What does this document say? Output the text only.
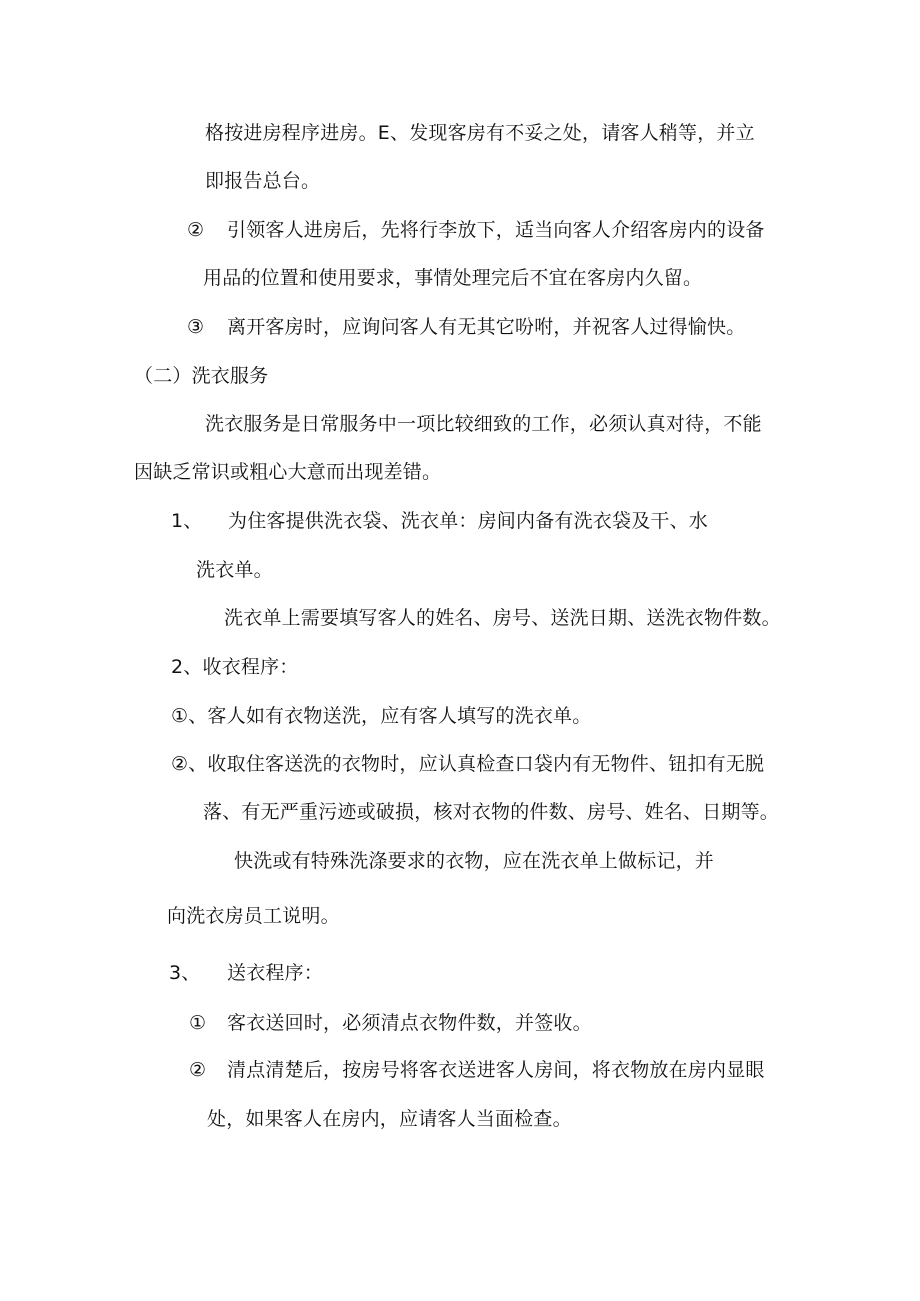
格按进房程序进房。E、发现客房有不妥之处，请客人稍等，并立
即报告总台。
② 引领客人进房后，先将行李放下，适当向客人介绍客房内的设备
用品的位置和使用要求，事情处理完后不宜在客房内久留。
③ 离开客房时，应询问客人有无其它吩咐，并祝客人过得愉快。
（二）洗衣服务
洗衣服务是日常服务中一项比较细致的工作，必须认真对待，不能
因缺乏常识或粗心大意而出现差错。
1、 为住客提供洗衣袋、洗衣单：房间内备有洗衣袋及干、水
洗衣单。
洗衣单上需要填写客人的姓名、房号、送洗日期、送洗衣物件数。
2、收衣程序：
①、客人如有衣物送洗，应有客人填写的洗衣单。
②、收取住客送洗的衣物时，应认真检查口袋内有无物件、钮扣有无脱
落、有无严重污迹或破损，核对衣物的件数、房号、姓名、日期等。
快洗或有特殊洗涤要求的衣物，应在洗衣单上做标记，并
向洗衣房员工说明。
3、 送衣程序：
① 客衣送回时，必须清点衣物件数，并签收。
② 清点清楚后，按房号将客衣送进客人房间，将衣物放在房内显眼
处，如果客人在房内，应请客人当面检查。
